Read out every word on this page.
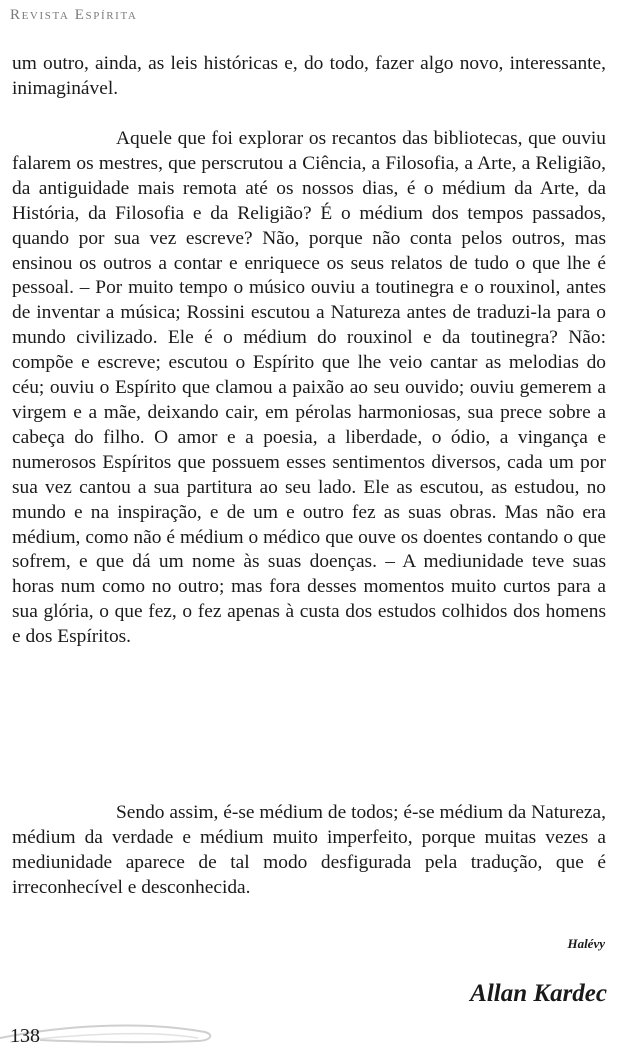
Revista Espírita

um outro, ainda, as leis históricas e, do todo, fazer algo novo, interessante, inimaginável.

Aquele que foi explorar os recantos das bibliotecas, que ouviu falarem os mestres, que perscrutou a Ciência, a Filosofia, a Arte, a Religião, da antiguidade mais remota até os nossos dias, é o médium da Arte, da História, da Filosofia e da Religião? É o médium dos tempos passados, quando por sua vez escreve? Não, porque não conta pelos outros, mas ensinou os outros a contar e enriquece os seus relatos de tudo o que lhe é pessoal. – Por muito tempo o músico ouviu a toutinegra e o rouxinol, antes de inventar a música; Rossini escutou a Natureza antes de traduzi-la para o mundo civilizado. Ele é o médium do rouxinol e da toutinegra? Não: compõe e escreve; escutou o Espírito que lhe veio cantar as melodias do céu; ouviu o Espírito que clamou a paixão ao seu ouvido; ouviu gemerem a virgem e a mãe, deixando cair, em pérolas harmoniosas, sua prece sobre a cabeça do filho. O amor e a poesia, a liberdade, o ódio, a vingança e numerosos Espíritos que possuem esses sentimentos diversos, cada um por sua vez cantou a sua partitura ao seu lado. Ele as escutou, as estudou, no mundo e na inspiração, e de um e outro fez as suas obras. Mas não era médium, como não é médium o médico que ouve os doentes contando o que sofrem, e que dá um nome às suas doenças. – A mediunidade teve suas horas num como no outro; mas fora desses momentos muito curtos para a sua glória, o que fez, o fez apenas à custa dos estudos colhidos dos homens e dos Espíritos.

Sendo assim, é-se médium de todos; é-se médium da Natureza, médium da verdade e médium muito imperfeito, porque muitas vezes a mediunidade aparece de tal modo desfigurada pela tradução, que é irreconhecível e desconhecida.

Halévy
Allan Kardec
138
